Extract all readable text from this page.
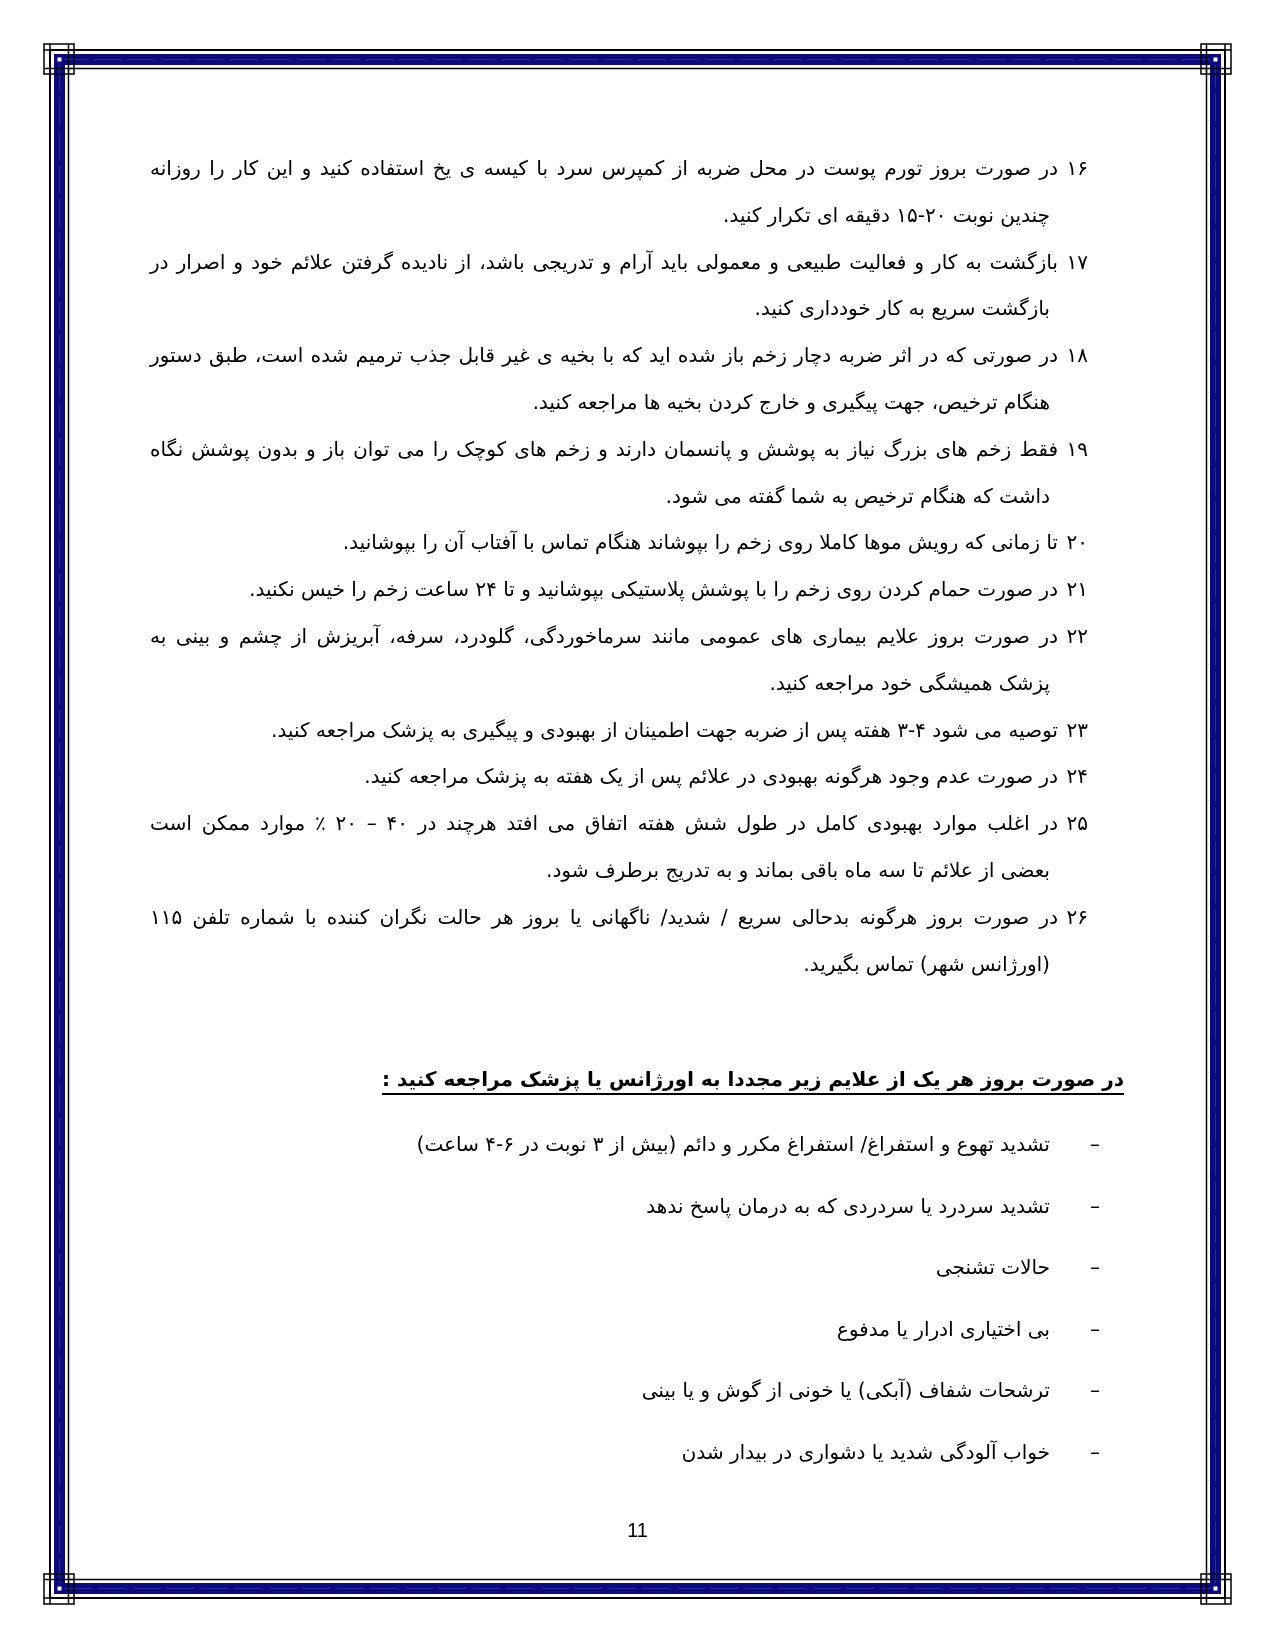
۱۶
در صورت بروز تورم پوست در محل ضربه از کمپرس سرد با کیسه ی یخ استفاده کنید و این کار را روزانه
چندین نوبت ۲۰-۱۵ دقیقه ای تکرار کنید.
۱۷
بازگشت به کار و فعالیت طبیعی و معمولی باید آرام و تدریجی باشد، از نادیده گرفتن علائم خود و اصرار در
بازگشت سریع به کار خودداری کنید.
۱۸
در صورتی که در اثر ضربه دچار زخم باز شده اید که با بخیه ی غیر قابل جذب ترمیم شده است، طبق دستور
هنگام ترخیص، جهت پیگیری و خارج کردن بخیه ها مراجعه کنید.
۱۹
فقط زخم های بزرگ نیاز به پوشش و پانسمان دارند و زخم های کوچک را می توان باز و بدون پوشش نگاه
داشت که هنگام ترخیص به شما گفته می شود.
۲۰
تا زمانی که رویش موها کاملا روی زخم را بپوشاند هنگام تماس با آفتاب آن را بپوشانید.
۲۱
در صورت حمام کردن روی زخم را با پوشش پلاستیکی بپوشانید و تا ۲۴ ساعت زخم را خیس نکنید.
۲۲
در صورت بروز علایم بیماری های عمومی مانند سرماخوردگی، گلودرد، سرفه، آبریزش از چشم و بینی به
پزشک همیشگی خود مراجعه کنید.
۲۳
توصیه می شود ۴-۳ هفته پس از ضربه جهت اطمینان از بهبودی و پیگیری به پزشک مراجعه کنید.
۲۴
در صورت عدم وجود هرگونه بهبودی در علائم پس از یک هفته به پزشک مراجعه کنید.
۲۵
در اغلب موارد بهبودی کامل در طول شش هفته اتفاق می افتد هرچند در ۴۰ – ۲۰ ٪ موارد ممکن است
بعضی از علائم تا سه ماه باقی بماند و به تدریج برطرف شود.
۲۶
در صورت بروز هرگونه بدحالی سریع / شدید/ ناگهانی یا بروز هر حالت نگران کننده با شماره تلفن ۱۱۵
(اورژانس شهر) تماس بگیرید.
در صورت بروز هر یک از علایم زیر مجددا به اورژانس یا پزشک مراجعه کنید :
–
تشدید تهوع و استفراغ/ استفراغ مکرر و دائم (بیش از ۳ نوبت در ۶-۴ ساعت)
–
تشدید سردرد یا سردردی که به درمان پاسخ ندهد
–
حالات تشنجی
–
بی اختیاری ادرار یا مدفوع
–
ترشحات شفاف (آبکی) یا خونی از گوش و یا بینی
–
خواب آلودگی شدید یا دشواری در بیدار شدن
11
